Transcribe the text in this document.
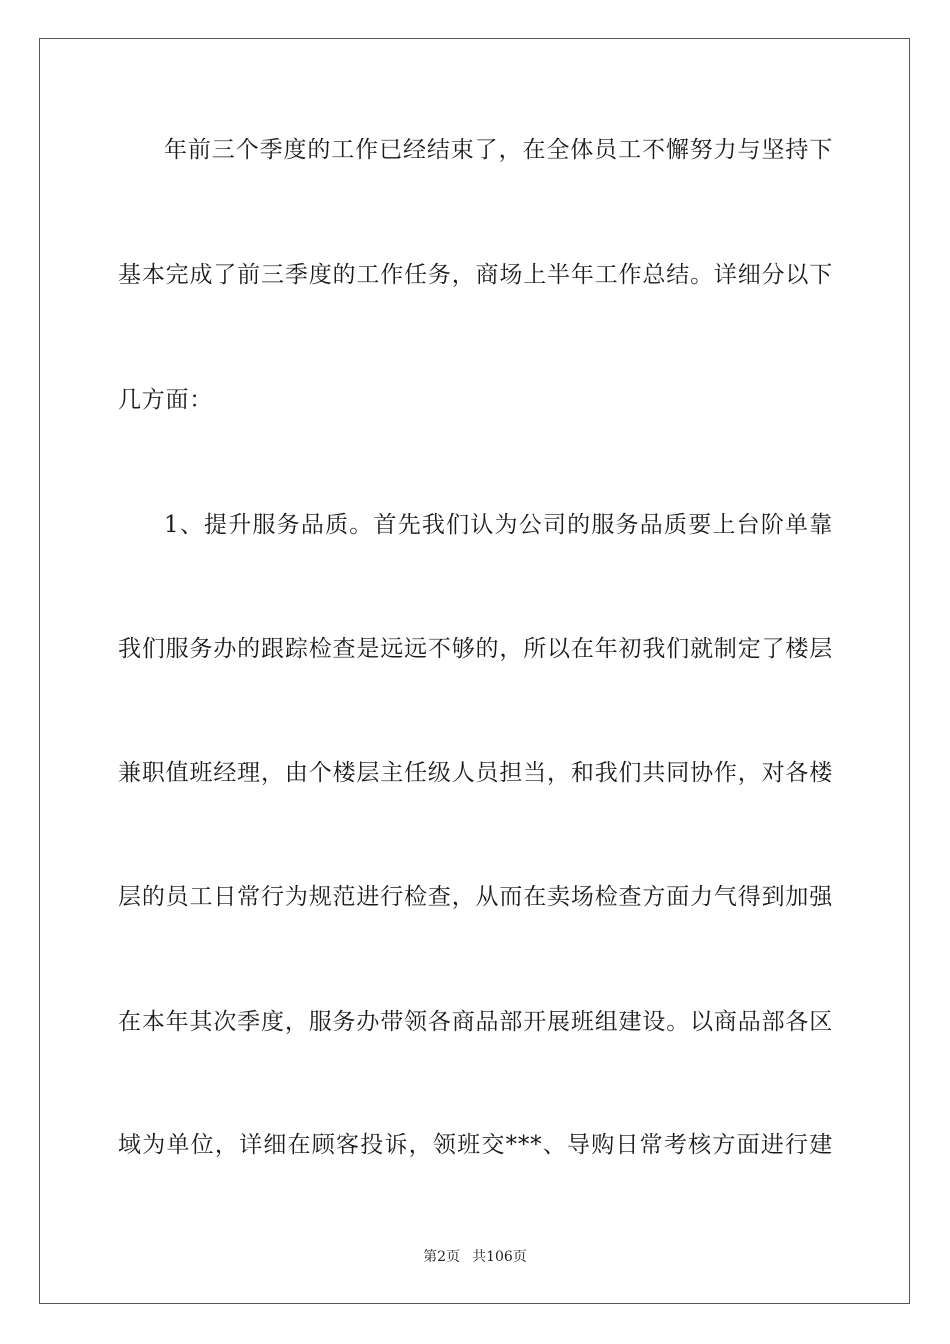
年前三个季度的工作已经结束了，在全体员工不懈努力与坚持下
基本完成了前三季度的工作任务，商场上半年工作总结。详细分以下
几方面：
1、提升服务品质。首先我们认为公司的服务品质要上台阶单靠
我们服务办的跟踪检查是远远不够的，所以在年初我们就制定了楼层
兼职值班经理，由个楼层主任级人员担当，和我们共同协作，对各楼
层的员工日常行为规范进行检查，从而在卖场检查方面力气得到加强
在本年其次季度，服务办带领各商品部开展班组建设。以商品部各区
域为单位，详细在顾客投诉，领班交***、导购日常考核方面进行建
第2页 共106页
